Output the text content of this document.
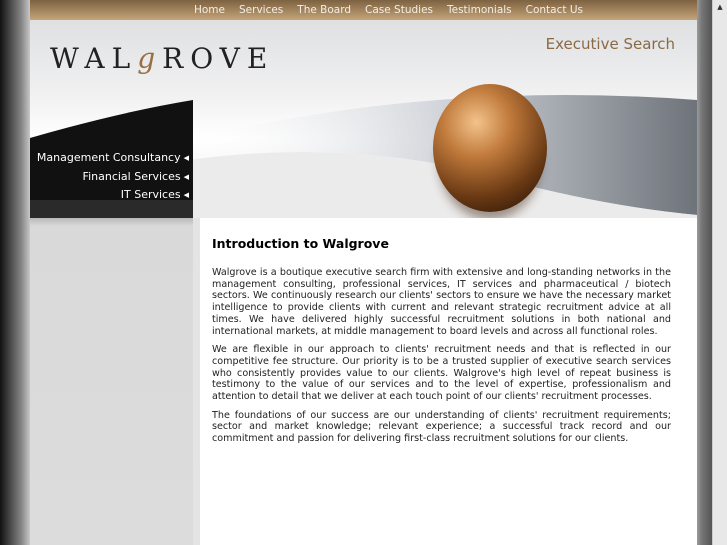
Home	Services	The Board	Case Studies	Testimonials	Contact Us
WALgROVE	Executive Search
Management Consultancy ◀
Financial Services ◀
IT Services ◀
Introduction to Walgrove

Walgrove is a boutique executive search firm with extensive and long-standing networks in the management consulting, professional services, IT services and pharmaceutical / biotech sectors. We continuously research our clients' sectors to ensure we have the necessary market intelligence to provide clients with current and relevant strategic recruitment advice at all times. We have delivered highly successful recruitment solutions in both national and international markets, at middle management to board levels and across all functional roles.

We are flexible in our approach to clients' recruitment needs and that is reflected in our competitive fee structure. Our priority is to be a trusted supplier of executive search services who consistently provides value to our clients. Walgrove's high level of repeat business is testimony to the value of our services and to the level of expertise, professionalism and attention to detail that we deliver at each touch point of our clients' recruitment processes.

The foundations of our success are our understanding of clients' recruitment requirements; sector and market knowledge; relevant experience; a successful track record and our commitment and passion for delivering first-class recruitment solutions for our clients.

▲
